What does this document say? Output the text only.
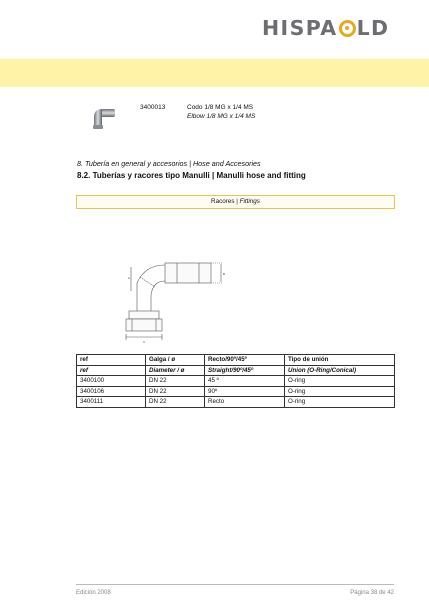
HISPA LD
3400013	Codo 1/8 MG x 1/4 MS
Elbow 1/8 MG x 1/4 MS
8. Tubería en general y accesorios | Hose and Accesories
8.2. Tuberías y racores tipo Manulli | Manulli hose and fitting
Racores | Fittings
B
A
C
ref	Galga / ø	Recto/90º/45º	Tipo de unión
ref	Diameter / ø	Straight/90º/45º	Union (O-Ring/Conical)
3400100	DN 22	45 º	O-ring
3400106	DN 22	90º	O-ring
3400111	DN 22	Recto	O-ring
Edición 2008	Página 38 de 42
